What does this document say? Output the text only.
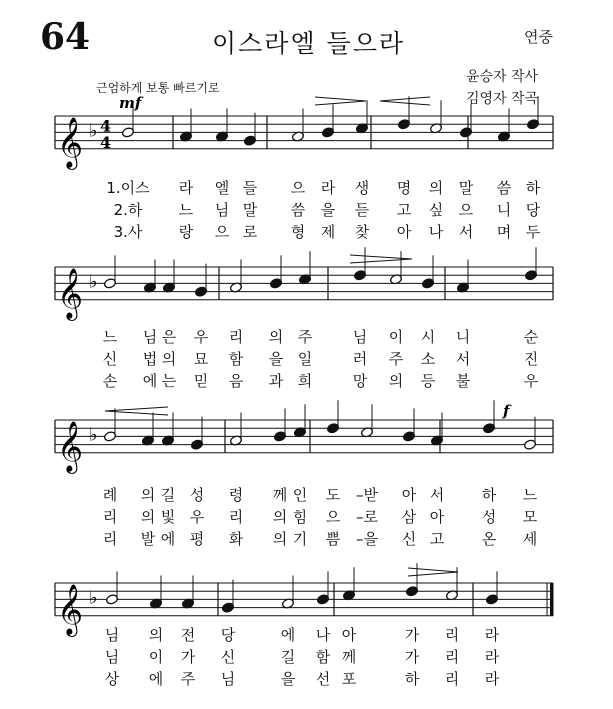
64	이스라엘 들으라	연중
근엄하게 보통 빠르기로
윤승자 작사
김영자 작곡
𝄞 ♭ 4
4
𝄞 ♭
𝄞 ♭
𝄞 ♭
mf
f
1.이스 라 엘 들 으 라 생 명 의 말 씀 하
2.하 느 님 말 씀 을 듣 고 싶 으 니 당
3.사 랑 으 로 형 제 찾 아 나 서 며 두
느 님 은 우 리 의 주	님 이 시 니	순
신 법 의 묘 함 을 일	러 주 소 서	진
손 에 는 믿 음 과 희	망 의 등 불	우
례 의 길 성 령 께 인 도 –받 아 서	하 느
리 의 빛 우 리 의 힘 으 –로 삼 아	성 모
리 발 에 평 화 의 기 쁨 –을 신 고	온 세
님 의 전 당	에 나 아	가 리 라
님 이 가 신	길 함 께	가 리 라
상 에 주 님	을 선 포	하 리 라
